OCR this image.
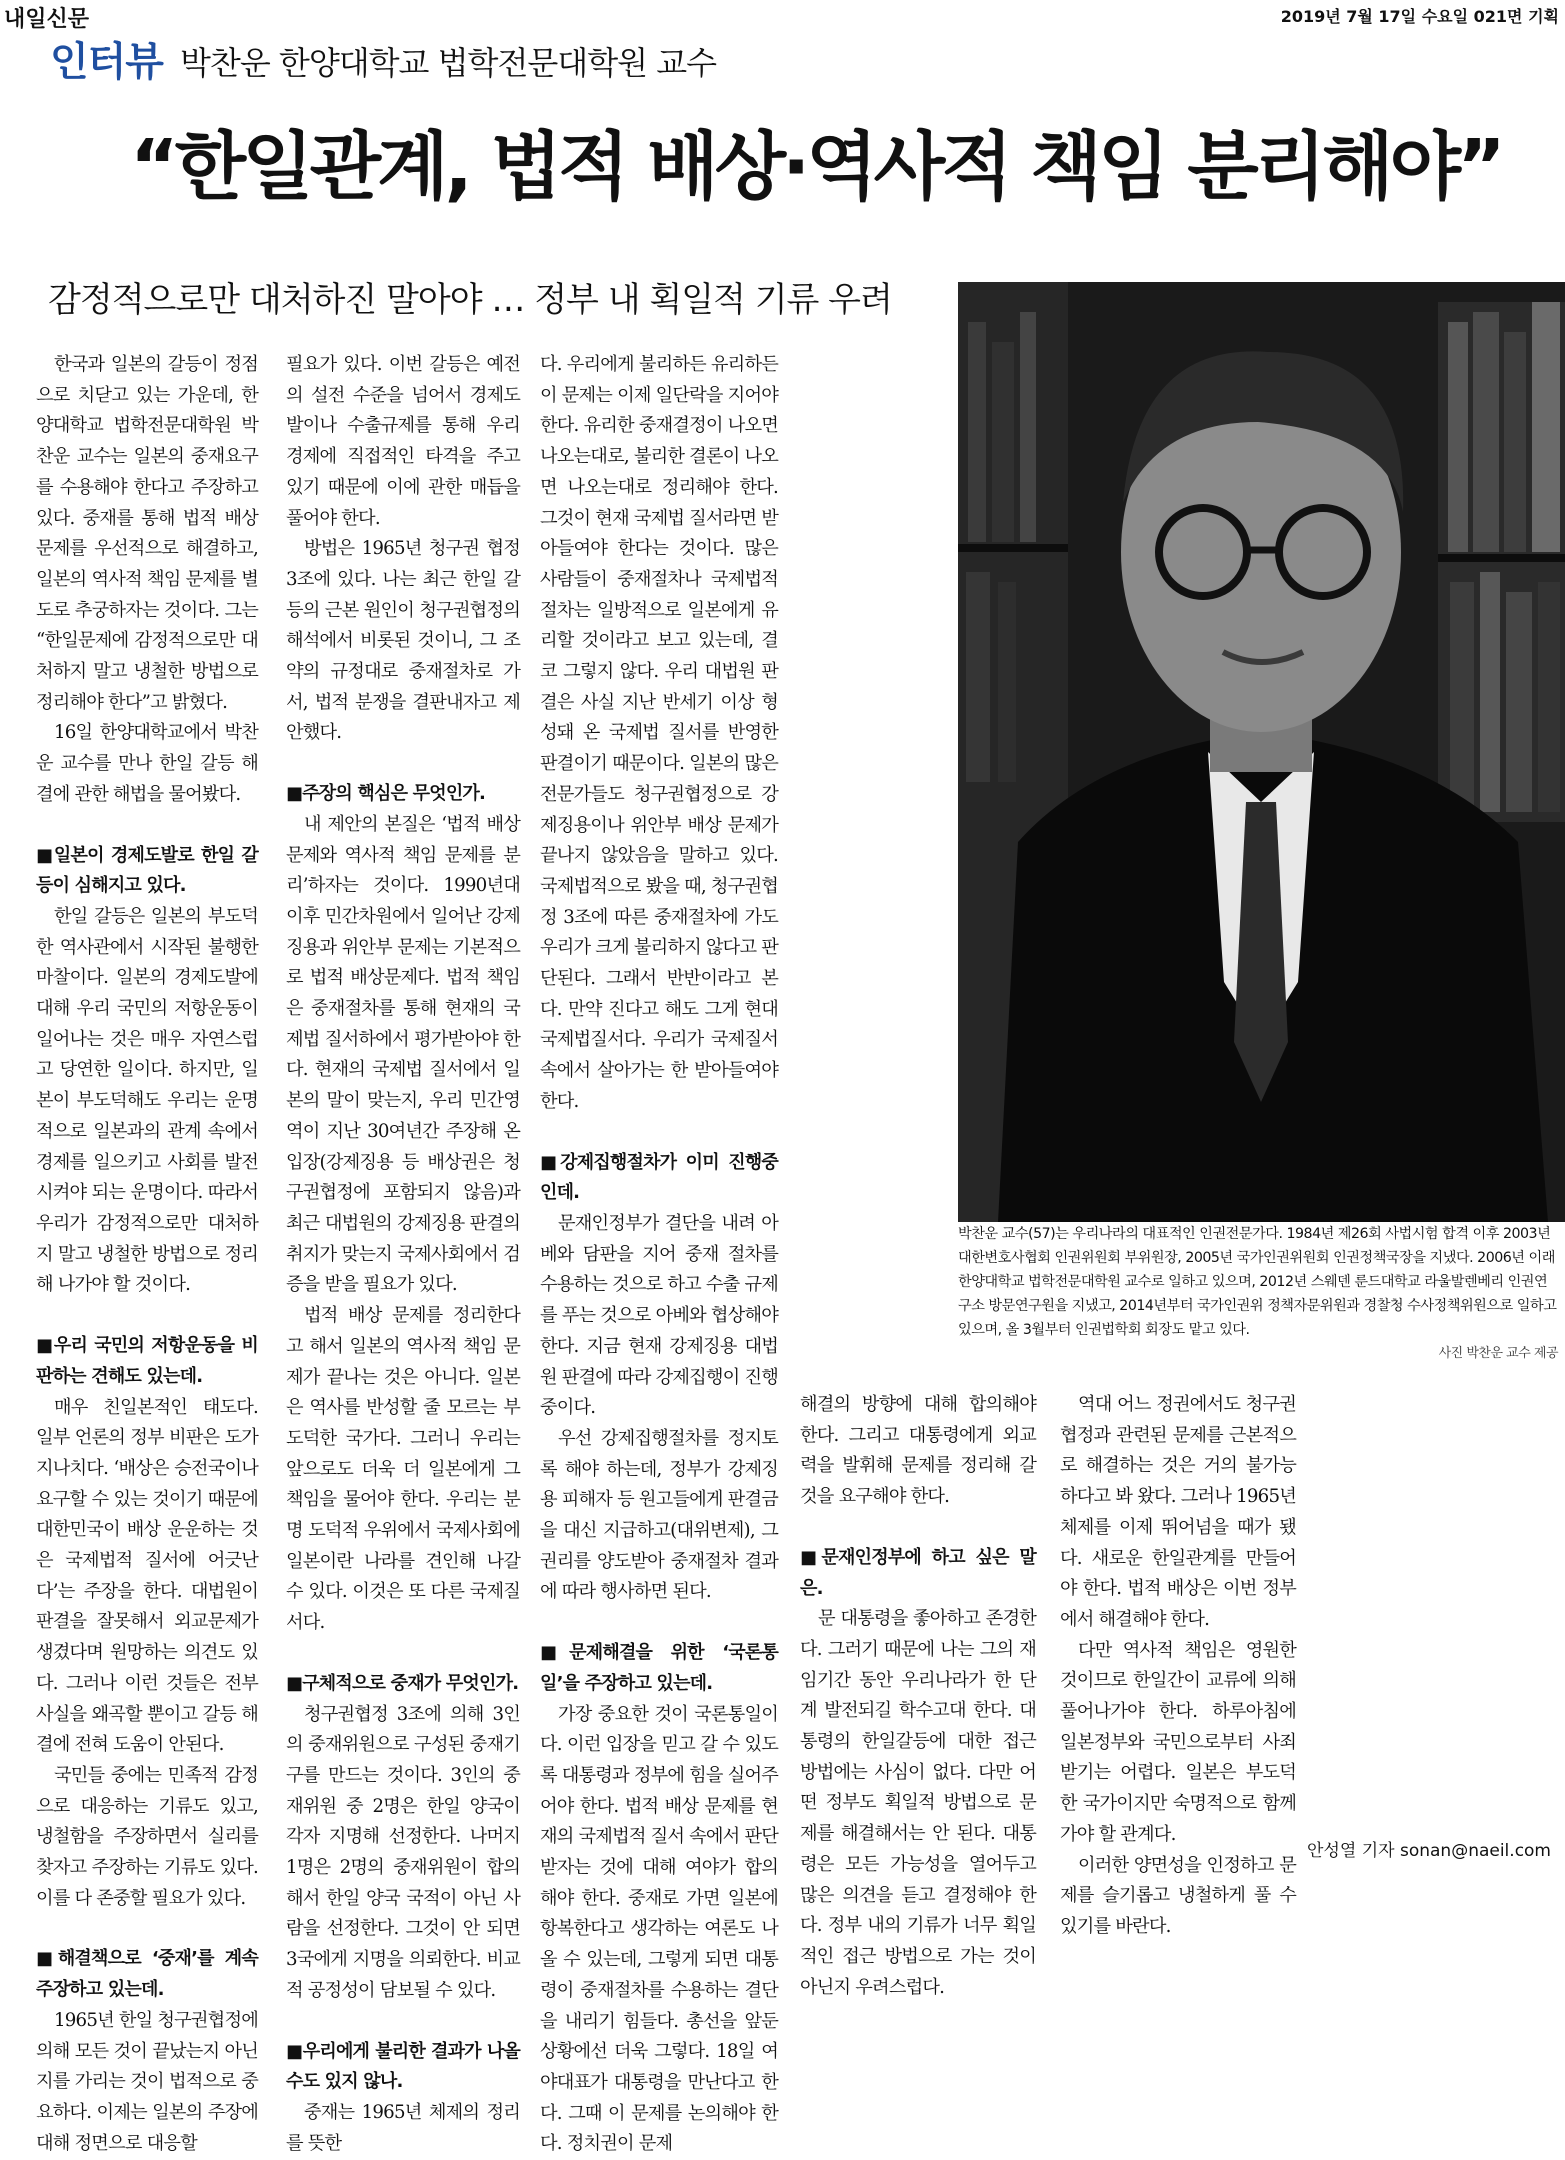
내일신문	2019년 7월 17일 수요일 021면 기획
인터뷰 박찬운 한양대학교 법학전문대학원 교수
“한일관계, 법적 배상·역사적 책임 분리해야”
감정적으로만 대처하진 말아야 … 정부 내 획일적 기류 우려
박찬운 교수(57)는 우리나라의 대표적인 인권전문가다. 1984년 제26회 사법시험 합격 이후 2003년 대한변호사협회 인권위원회 부위원장, 2005년 국가인권위원회 인권정책국장을 지냈다. 2006년 이래 한양대학교 법학전문대학원 교수로 일하고 있으며, 2012년 스웨덴 룬드대학교 라울발렌베리 인권연구소 방문연구원을 지냈고, 2014년부터 국가인권위 정책자문위원과 경찰청 수사정책위원으로 일하고 있으며, 올 3월부터 인권법학회 회장도 맡고 있다.
사진 박찬운 교수 제공

한국과 일본의 갈등이 정점으로 치닫고 있는 가운데, 한양대학교 법학전문대학원 박찬운 교수는 일본의 중재요구를 수용해야 한다고 주장하고 있다. 중재를 통해 법적 배상문제를 우선적으로 해결하고, 일본의 역사적 책임 문제를 별도로 추궁하자는 것이다. 그는 “한일문제에 감정적으로만 대처하지 말고 냉철한 방법으로 정리해야 한다”고 밝혔다.

16일 한양대학교에서 박찬운 교수를 만나 한일 갈등 해결에 관한 해법을 물어봤다.

■일본이 경제도발로 한일 갈등이 심해지고 있다.

한일 갈등은 일본의 부도덕한 역사관에서 시작된 불행한 마찰이다. 일본의 경제도발에 대해 우리 국민의 저항운동이 일어나는 것은 매우 자연스럽고 당연한 일이다. 하지만, 일본이 부도덕해도 우리는 운명적으로 일본과의 관계 속에서 경제를 일으키고 사회를 발전시켜야 되는 운명이다. 따라서 우리가 감정적으로만 대처하지 말고 냉철한 방법으로 정리해 나가야 할 것이다.

■우리 국민의 저항운동을 비판하는 견해도 있는데.

매우 친일본적인 태도다. 일부 언론의 정부 비판은 도가 지나치다. ‘배상은 승전국이나 요구할 수 있는 것이기 때문에 대한민국이 배상 운운하는 것은 국제법적 질서에 어긋난다’는 주장을 한다. 대법원이 판결을 잘못해서 외교문제가 생겼다며 원망하는 의견도 있다. 그러나 이런 것들은 전부 사실을 왜곡할 뿐이고 갈등 해결에 전혀 도움이 안된다.

국민들 중에는 민족적 감정으로 대응하는 기류도 있고, 냉철함을 주장하면서 실리를 찾자고 주장하는 기류도 있다. 이를 다 존중할 필요가 있다.

■해결책으로 ‘중재’를 계속 주장하고 있는데.

1965년 한일 청구권협정에 의해 모든 것이 끝났는지 아닌지를 가리는 것이 법적으로 중요하다. 이제는 일본의 주장에 대해 정면으로 대응할

필요가 있다. 이번 갈등은 예전의 설전 수준을 넘어서 경제도발이나 수출규제를 통해 우리 경제에 직접적인 타격을 주고 있기 때문에 이에 관한 매듭을 풀어야 한다.

방법은 1965년 청구권 협정 3조에 있다. 나는 최근 한일 갈등의 근본 원인이 청구권협정의 해석에서 비롯된 것이니, 그 조약의 규정대로 중재절차로 가서, 법적 분쟁을 결판내자고 제안했다.

■주장의 핵심은 무엇인가.

내 제안의 본질은 ‘법적 배상문제와 역사적 책임 문제를 분리’하자는 것이다. 1990년대 이후 민간차원에서 일어난 강제징용과 위안부 문제는 기본적으로 법적 배상문제다. 법적 책임은 중재절차를 통해 현재의 국제법 질서하에서 평가받아야 한다. 현재의 국제법 질서에서 일본의 말이 맞는지, 우리 민간영역이 지난 30여년간 주장해 온 입장(강제징용 등 배상권은 청구권협정에 포함되지 않음)과 최근 대법원의 강제징용 판결의 취지가 맞는지 국제사회에서 검증을 받을 필요가 있다.

법적 배상 문제를 정리한다고 해서 일본의 역사적 책임 문제가 끝나는 것은 아니다. 일본은 역사를 반성할 줄 모르는 부도덕한 국가다. 그러니 우리는 앞으로도 더욱 더 일본에게 그 책임을 물어야 한다. 우리는 분명 도덕적 우위에서 국제사회에 일본이란 나라를 견인해 나갈 수 있다. 이것은 또 다른 국제질서다.

■구체적으로 중재가 무엇인가.

청구권협정 3조에 의해 3인의 중재위원으로 구성된 중재기구를 만드는 것이다. 3인의 중재위원 중 2명은 한일 양국이 각자 지명해 선정한다. 나머지 1명은 2명의 중재위원이 합의해서 한일 양국 국적이 아닌 사람을 선정한다. 그것이 안 되면 3국에게 지명을 의뢰한다. 비교적 공정성이 담보될 수 있다.

■우리에게 불리한 결과가 나올 수도 있지 않나.

중재는 1965년 체제의 정리를 뜻한

다. 우리에게 불리하든 유리하든 이 문제는 이제 일단락을 지어야 한다. 유리한 중재결정이 나오면 나오는대로, 불리한 결론이 나오면 나오는대로 정리해야 한다. 그것이 현재 국제법 질서라면 받아들여야 한다는 것이다. 많은 사람들이 중재절차나 국제법적 절차는 일방적으로 일본에게 유리할 것이라고 보고 있는데, 결코 그렇지 않다. 우리 대법원 판결은 사실 지난 반세기 이상 형성돼 온 국제법 질서를 반영한 판결이기 때문이다. 일본의 많은 전문가들도 청구권협정으로 강제징용이나 위안부 배상 문제가 끝나지 않았음을 말하고 있다. 국제법적으로 봤을 때, 청구권협정 3조에 따른 중재절차에 가도 우리가 크게 불리하지 않다고 판단된다. 그래서 반반이라고 본다. 만약 진다고 해도 그게 현대 국제법질서다. 우리가 국제질서 속에서 살아가는 한 받아들여야 한다.

■강제집행절차가 이미 진행중인데.

문재인정부가 결단을 내려 아베와 담판을 지어 중재 절차를 수용하는 것으로 하고 수출 규제를 푸는 것으로 아베와 협상해야 한다. 지금 현재 강제징용 대법원 판결에 따라 강제집행이 진행중이다.

우선 강제집행절차를 정지토록 해야 하는데, 정부가 강제징용 피해자 등 원고들에게 판결금을 대신 지급하고(대위변제), 그 권리를 양도받아 중재절차 결과에 따라 행사하면 된다.

■문제해결을 위한 ‘국론통일’을 주장하고 있는데.

가장 중요한 것이 국론통일이다. 이런 입장을 믿고 갈 수 있도록 대통령과 정부에 힘을 실어주어야 한다. 법적 배상 문제를 현재의 국제법적 질서 속에서 판단 받자는 것에 대해 여야가 합의 해야 한다. 중재로 가면 일본에 항복한다고 생각하는 여론도 나올 수 있는데, 그렇게 되면 대통령이 중재절차를 수용하는 결단을 내리기 힘들다. 총선을 앞둔 상황에선 더욱 그렇다. 18일 여야대표가 대통령을 만난다고 한다. 그때 이 문제를 논의해야 한다. 정치권이 문제

해결의 방향에 대해 합의해야 한다. 그리고 대통령에게 외교력을 발휘해 문제를 정리해 갈 것을 요구해야 한다.

■문재인정부에 하고 싶은 말은.

문 대통령을 좋아하고 존경한다. 그러기 때문에 나는 그의 재임기간 동안 우리나라가 한 단계 발전되길 학수고대 한다. 대통령의 한일갈등에 대한 접근 방법에는 사심이 없다. 다만 어떤 정부도 획일적 방법으로 문제를 해결해서는 안 된다. 대통령은 모든 가능성을 열어두고 많은 의견을 듣고 결정해야 한다. 정부 내의 기류가 너무 획일적인 접근 방법으로 가는 것이 아닌지 우려스럽다.

역대 어느 정권에서도 청구권협정과 관련된 문제를 근본적으로 해결하는 것은 거의 불가능하다고 봐 왔다. 그러나 1965년 체제를 이제 뛰어넘을 때가 됐다. 새로운 한일관계를 만들어야 한다. 법적 배상은 이번 정부에서 해결해야 한다.

다만 역사적 책임은 영원한 것이므로 한일간이 교류에 의해 풀어나가야 한다. 하루아침에 일본정부와 국민으로부터 사죄받기는 어렵다. 일본은 부도덕한 국가이지만 숙명적으로 함께 가야 할 관계다.

이러한 양면성을 인정하고 문제를 슬기롭고 냉철하게 풀 수 있기를 바란다.

안성열 기자 sonan@naeil.com
